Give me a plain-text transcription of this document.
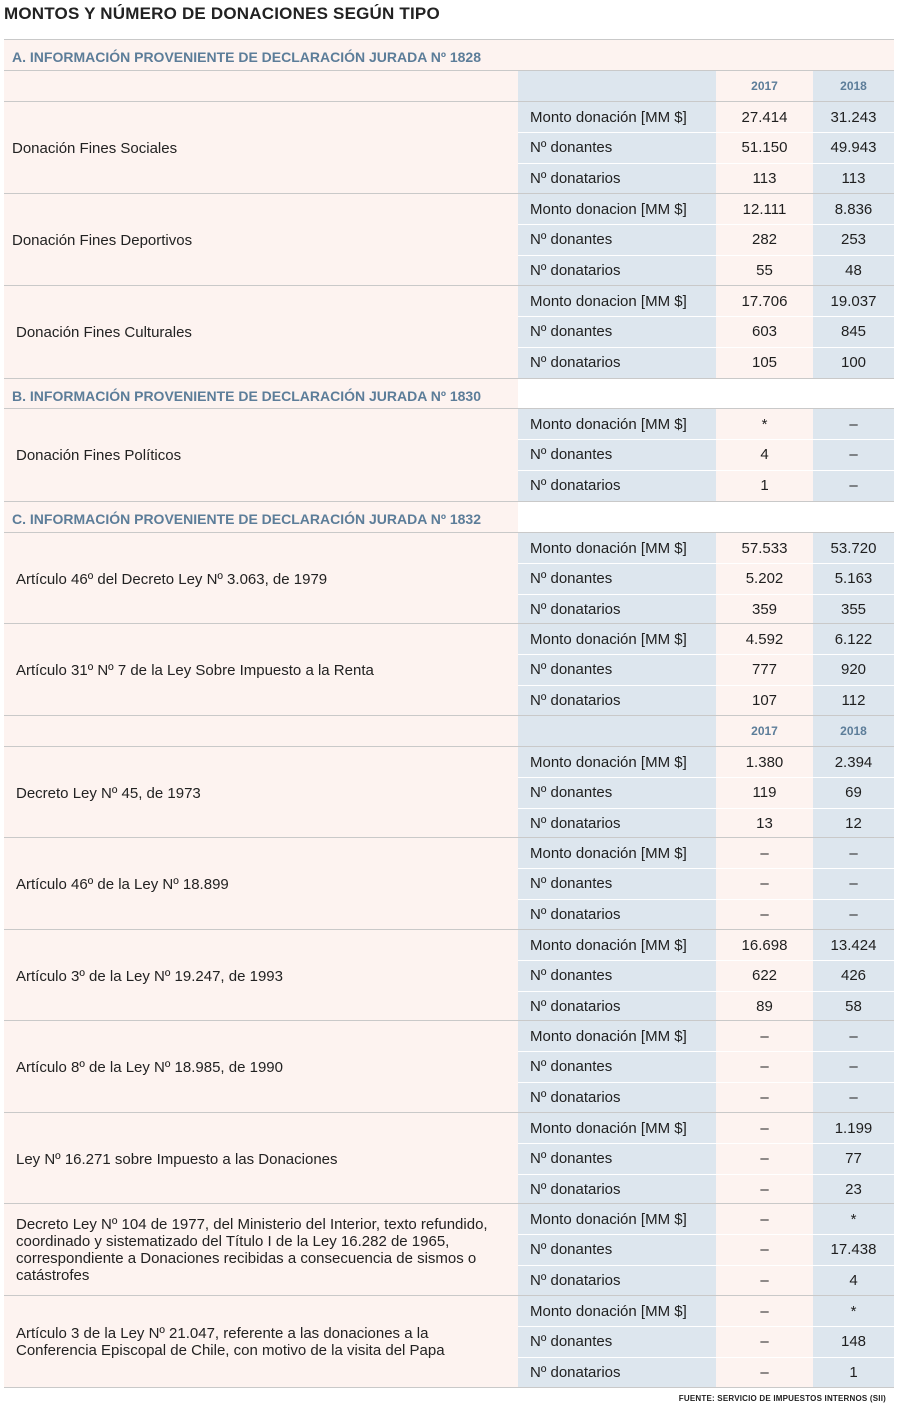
MONTOS Y NÚMERO DE DONACIONES SEGÚN TIPO
A. INFORMACIÓN PROVENIENTE DE DECLARACIÓN JURADA Nº 1828
2017	2018
Donación Fines Sociales
Monto donación [MM $]	27.414	31.243
Nº donantes	51.150	49.943
Nº donatarios	113	113
Donación Fines Deportivos
Monto donacion [MM $]	12.111	8.836
Nº donantes	282	253
Nº donatarios	55	48
Donación Fines Culturales
Monto donacion [MM $]	17.706	19.037
Nº donantes	603	845
Nº donatarios	105	100
Donación Fines Políticos
Monto donación [MM $]	*	–
Nº donantes	4	–
Nº donatarios	1	–
Artículo 46º del Decreto Ley Nº 3.063, de 1979
Monto donación [MM $]	57.533	53.720
Nº donantes	5.202	5.163
Nº donatarios	359	355
Artículo 31º Nº 7 de la Ley Sobre Impuesto a la Renta
Monto donación [MM $]	4.592	6.122
Nº donantes	777	920
Nº donatarios	107	112
Decreto Ley Nº 45, de 1973
Monto donación [MM $]	1.380	2.394
Nº donantes	119	69
Nº donatarios	13	12
Artículo 46º de la Ley Nº 18.899
Monto donación [MM $]	–	–
Nº donantes	–	–
Nº donatarios	–	–
Artículo 3º de la Ley Nº 19.247, de 1993
Monto donación [MM $]	16.698	13.424
Nº donantes	622	426
Nº donatarios	89	58
Artículo 8º de la Ley Nº 18.985, de 1990
Monto donación [MM $]	–	–
Nº donantes	–	–
Nº donatarios	–	–
Ley Nº 16.271 sobre Impuesto a las Donaciones
Monto donación [MM $]	–	1.199
Nº donantes	–	77
Nº donatarios	–	23
Decreto Ley Nº 104 de 1977, del Ministerio del Interior, texto refundido, coordinado y sistematizado del Título I de la Ley 16.282 de 1965, correspondiente a Donaciones recibidas a consecuencia de sismos o catástrofes
Monto donación [MM $]	–	*
Nº donantes	–	17.438
Nº donatarios	–	4
Artículo 3 de la Ley Nº 21.047, referente a las donaciones a la Conferencia Episcopal de Chile, con motivo de la visita del Papa
Monto donación [MM $]	–	*
Nº donantes	–	148
Nº donatarios	–	1
B. INFORMACIÓN PROVENIENTE DE DECLARACIÓN JURADA Nº 1830
C. INFORMACIÓN PROVENIENTE DE DECLARACIÓN JURADA Nº 1832
2017	2018
FUENTE: SERVICIO DE IMPUESTOS INTERNOS (SII)
